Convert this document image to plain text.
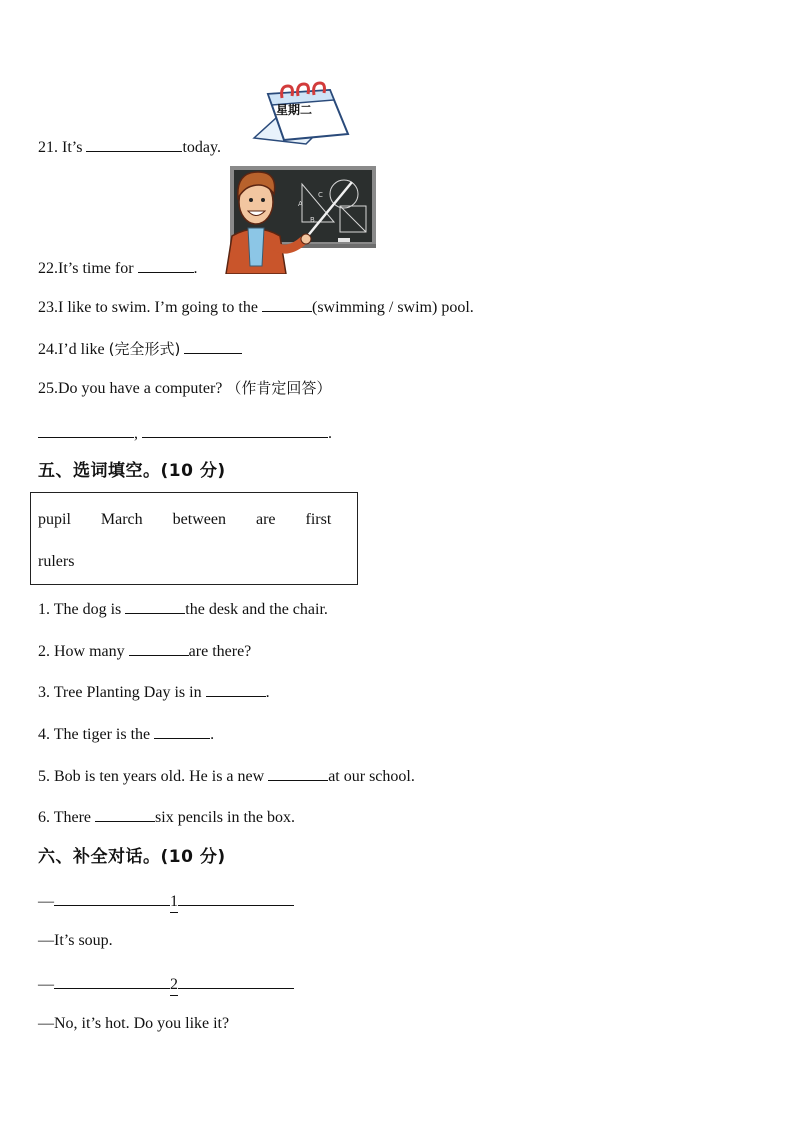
星期二
21. It’s	today.
A
B
C
22.It’s time for	.
23.I like to swim. I’m going to the	(swimming / swim) pool.
24.I’d like (完全形式)
25.Do you have a computer? （作肯定回答）
,	.
五、选词填空。(10 分)
pupil March between are first
rulers
1. The dog is	the desk and the chair.
2. How many	are there?
3. Tree Planting Day is in	.
4. The tiger is the	.
5. Bob is ten years old. He is a new	at our school.
6. There	six pencils in the box.
六、补全对话。(10 分)
—	1
—It’s soup.
—	2
—No, it’s hot. Do you like it?
